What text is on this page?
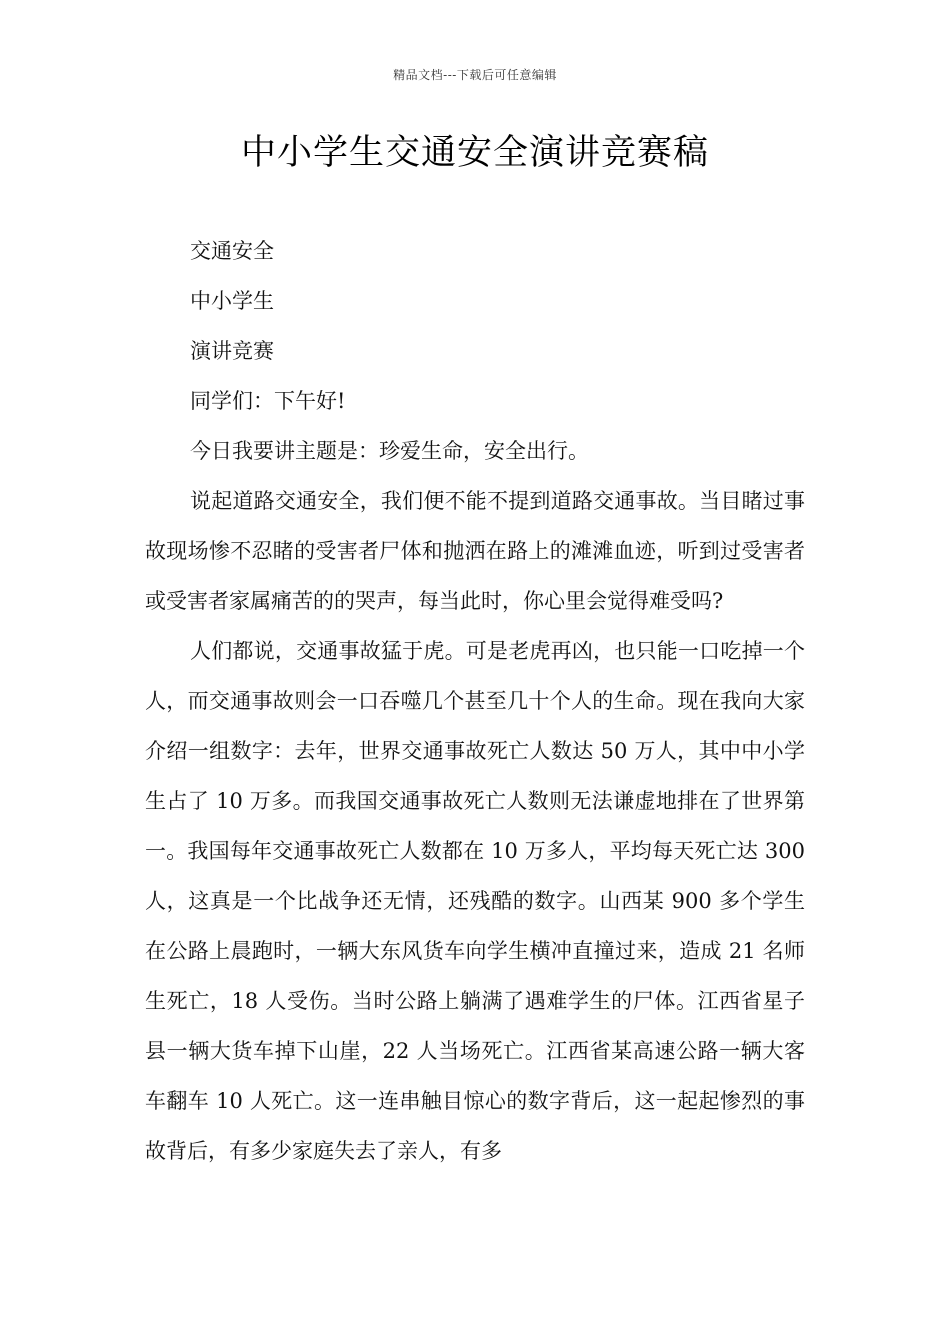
精品文档---下载后可任意编辑
中小学生交通安全演讲竞赛稿

交通安全

中小学生

演讲竞赛

同学们：下午好!

今日我要讲主题是：珍爱生命，安全出行。

说起道路交通安全，我们便不能不提到道路交通事故。当目睹过事故现场惨不忍睹的受害者尸体和抛洒在路上的滩滩血迹，听到过受害者或受害者家属痛苦的的哭声，每当此时，你心里会觉得难受吗?

人们都说，交通事故猛于虎。可是老虎再凶，也只能一口吃掉一个人，而交通事故则会一口吞噬几个甚至几十个人的生命。现在我向大家介绍一组数字：去年，世界交通事故死亡人数达 50 万人，其中中小学生占了 10 万多。而我国交通事故死亡人数则无法谦虚地排在了世界第一。我国每年交通事故死亡人数都在 10 万多人，平均每天死亡达 300 人，这真是一个比战争还无情，还残酷的数字。山西某 900 多个学生在公路上晨跑时，一辆大东风货车向学生横冲直撞过来，造成 21 名师生死亡，18 人受伤。当时公路上躺满了遇难学生的尸体。江西省星子县一辆大货车掉下山崖，22 人当场死亡。江西省某高速公路一辆大客车翻车 10 人死亡。这一连串触目惊心的数字背后，这一起起惨烈的事故背后，有多少家庭失去了亲人，有多
